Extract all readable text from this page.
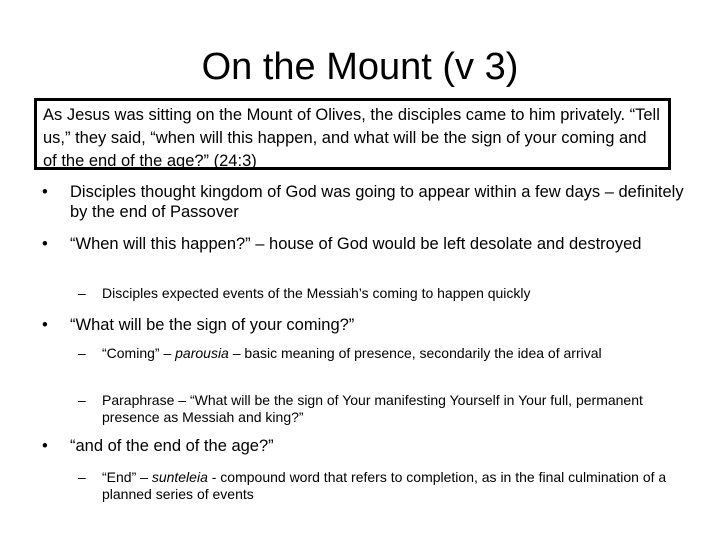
On the Mount (v 3)
As Jesus was sitting on the Mount of Olives, the disciples came to him privately. “Tell us,” they said, “when will this happen, and what will be the sign of your coming and of the end of the age?” (24:3)
•	Disciples thought kingdom of God was going to appear within a few days – definitely by the end of Passover
•	“When will this happen?” – house of God would be left desolate and destroyed
–	Disciples expected events of the Messiah’s coming to happen quickly
•	“What will be the sign of your coming?”
–	“Coming” – parousia – basic meaning of presence, secondarily the idea of arrival
–	Paraphrase – “What will be the sign of Your manifesting Yourself in Your full, permanent presence as Messiah and king?”
•	“and of the end of the age?”
–	“End” – sunteleia - compound word that refers to completion, as in the final culmination of a planned series of events
